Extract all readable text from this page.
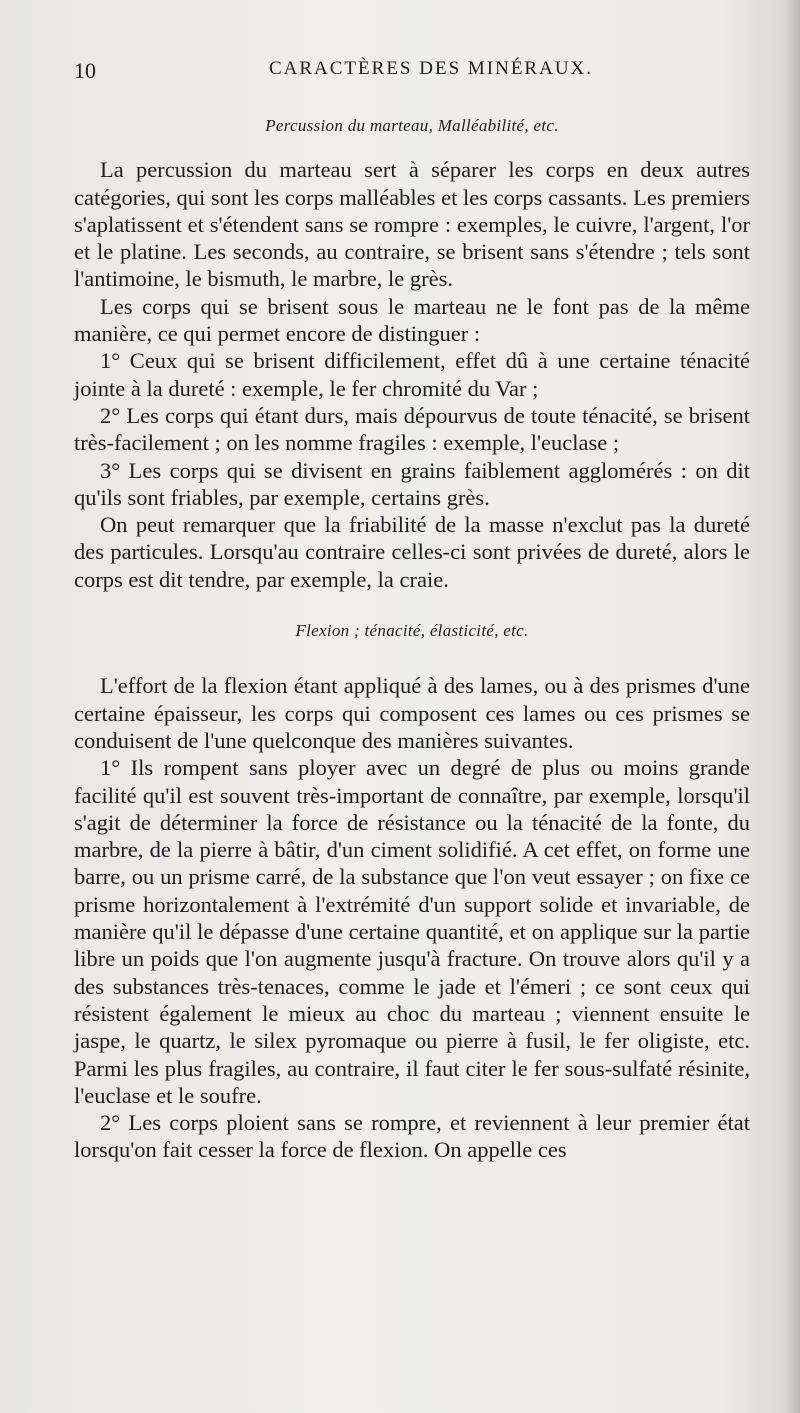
10	CARACTÈRES DES MINÉRAUX.
Percussion du marteau, Malléabilité, etc.

La percussion du marteau sert à séparer les corps en deux autres catégories, qui sont les corps malléables et les corps cassants. Les premiers s'aplatissent et s'étendent sans se rompre : exemples, le cuivre, l'argent, l'or et le platine. Les seconds, au contraire, se brisent sans s'étendre ; tels sont l'antimoine, le bismuth, le marbre, le grès.

Les corps qui se brisent sous le marteau ne le font pas de la même manière, ce qui permet encore de distinguer :

1° Ceux qui se brisent difficilement, effet dû à une certaine ténacité jointe à la dureté : exemple, le fer chromité du Var ;

2° Les corps qui étant durs, mais dépourvus de toute ténacité, se brisent très-facilement ; on les nomme fragiles : exemple, l'euclase ;

3° Les corps qui se divisent en grains faiblement agglomérés : on dit qu'ils sont friables, par exemple, certains grès.

On peut remarquer que la friabilité de la masse n'exclut pas la dureté des particules. Lorsqu'au contraire celles-ci sont privées de dureté, alors le corps est dit tendre, par exemple, la craie.

Flexion ; ténacité, élasticité, etc.

L'effort de la flexion étant appliqué à des lames, ou à des prismes d'une certaine épaisseur, les corps qui composent ces lames ou ces prismes se conduisent de l'une quelconque des manières suivantes.

1° Ils rompent sans ployer avec un degré de plus ou moins grande facilité qu'il est souvent très-important de connaître, par exemple, lorsqu'il s'agit de déterminer la force de résistance ou la ténacité de la fonte, du marbre, de la pierre à bâtir, d'un ciment solidifié. A cet effet, on forme une barre, ou un prisme carré, de la substance que l'on veut essayer ; on fixe ce prisme horizontalement à l'extrémité d'un support solide et invariable, de manière qu'il le dépasse d'une certaine quantité, et on applique sur la partie libre un poids que l'on augmente jusqu'à fracture. On trouve alors qu'il y a des substances très-tenaces, comme le jade et l'émeri ; ce sont ceux qui résistent également le mieux au choc du marteau ; viennent ensuite le jaspe, le quartz, le silex pyromaque ou pierre à fusil, le fer oligiste, etc. Parmi les plus fragiles, au contraire, il faut citer le fer sous-sulfaté résinite, l'euclase et le soufre.

2° Les corps ploient sans se rompre, et reviennent à leur premier état lorsqu'on fait cesser la force de flexion. On appelle ces
